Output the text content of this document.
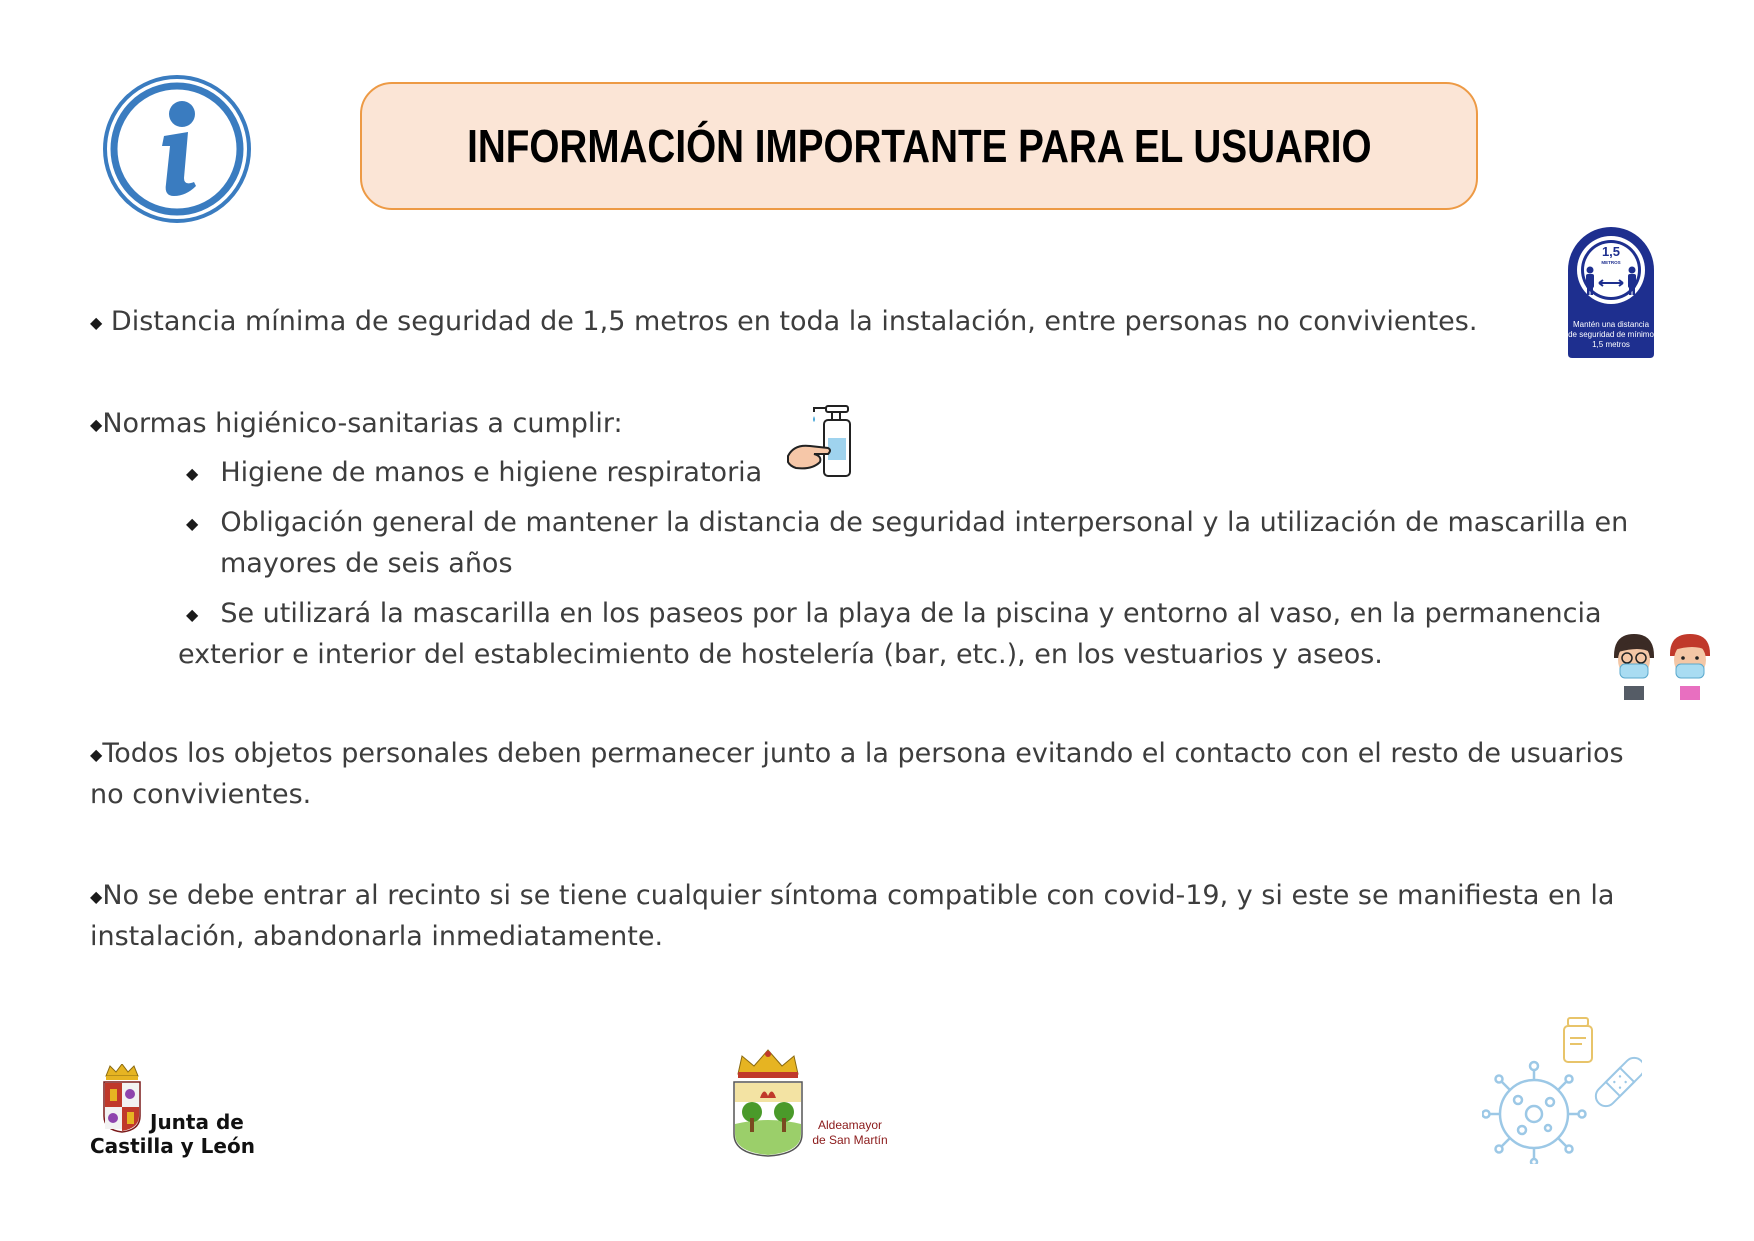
INFORMACIÓN IMPORTANTE PARA EL USUARIO
1,5
METROS
Mantén una distancia
de seguridad de mínimo
1,5 metros
◆ Distancia mínima de seguridad de 1,5 metros en toda la instalación, entre personas no convivientes.
◆Normas higiénico-sanitarias a cumplir:
◆ Higiene de manos e higiene respiratoria
◆ Obligación general de mantener la distancia de seguridad interpersonal y la utilización de mascarilla en
mayores de seis años
◆ Se utilizará la mascarilla en los paseos por la playa de la piscina y entorno al vaso, en la permanencia
exterior e interior del establecimiento de hostelería (bar, etc.), en los vestuarios y aseos.
◆Todos los objetos personales deben permanecer junto a la persona evitando el contacto con el resto de usuarios
no convivientes.
◆No se debe entrar al recinto si se tiene cualquier síntoma compatible con covid-19, y si este se manifiesta en la
instalación, abandonarla inmediatamente.
Junta de
Castilla y León
Aldeamayor
de San Martín
